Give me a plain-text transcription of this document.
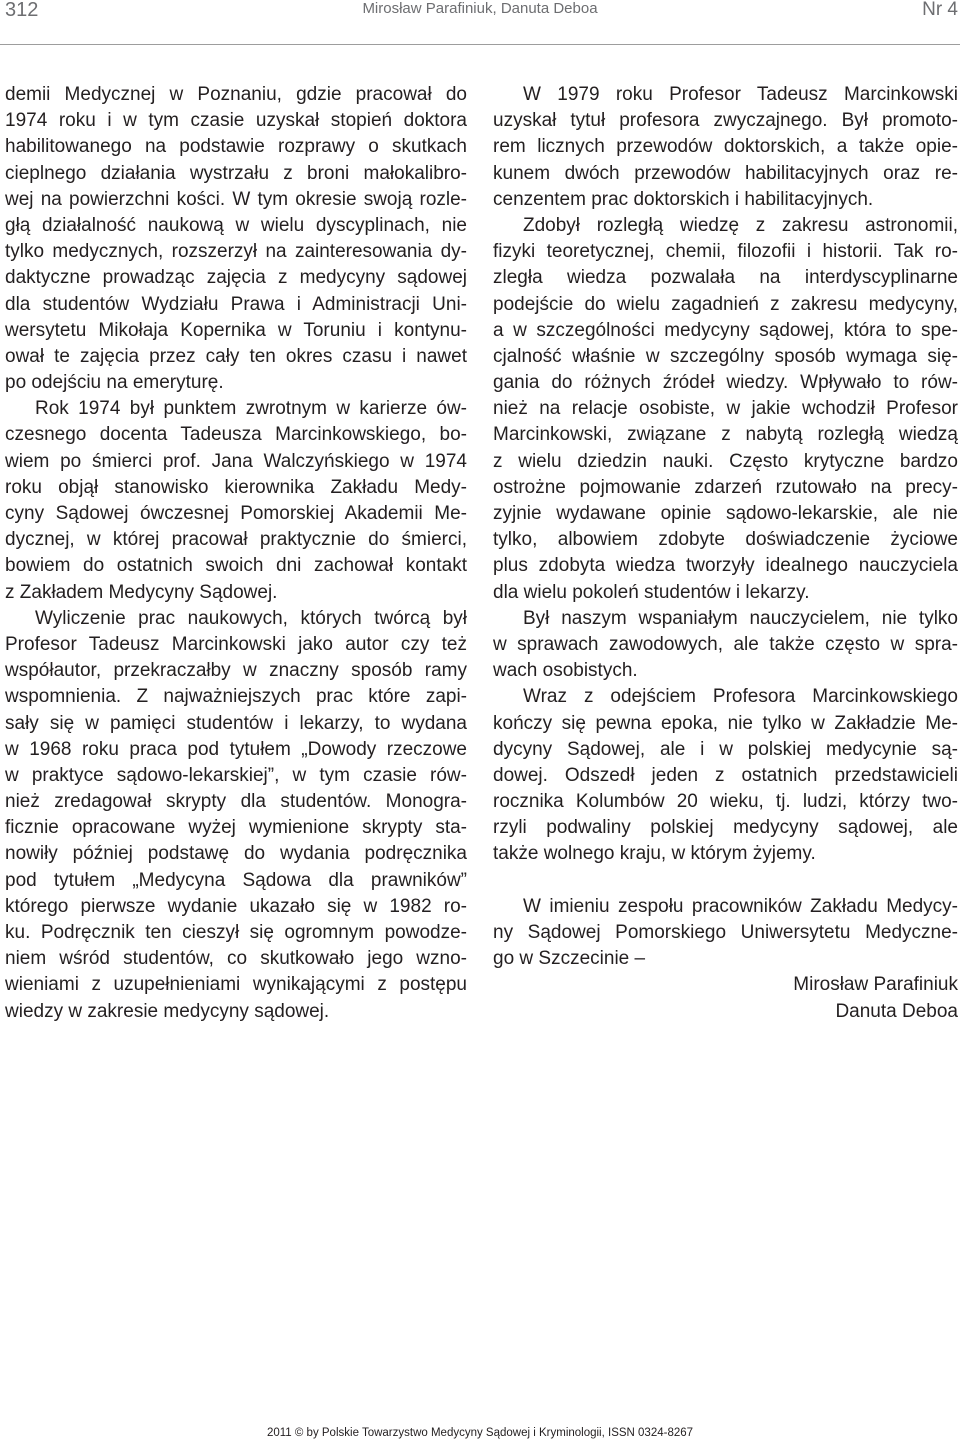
312	Mirosław Parafiniuk, Danuta Deboa	Nr 4
demii Medycznej w Poznaniu, gdzie pracował do
1974 roku i w tym czasie uzyskał stopień doktora
habilitowanego na podstawie rozprawy o skutkach
cieplnego działania wystrzału z broni małokalibro-
wej na powierzchni kości. W tym okresie swoją rozle-
głą działalność naukową w wielu dyscyplinach, nie
tylko medycznych, rozszerzył na zainteresowania dy-
daktyczne prowadząc zajęcia z medycyny sądowej
dla studentów Wydziału Prawa i Administracji Uni-
wersytetu Mikołaja Kopernika w Toruniu i kontynu-
ował te zajęcia przez cały ten okres czasu i nawet
po odejściu na emeryturę.
Rok 1974 był punktem zwrotnym w karierze ów-
czesnego docenta Tadeusza Marcinkowskiego, bo-
wiem po śmierci prof. Jana Walczyńskiego w 1974
roku objął stanowisko kierownika Zakładu Medy-
cyny Sądowej ówczesnej Pomorskiej Akademii Me-
dycznej, w której pracował praktycznie do śmierci,
bowiem do ostatnich swoich dni zachował kontakt
z Zakładem Medycyny Sądowej.
Wyliczenie prac naukowych, których twórcą był
Profesor Tadeusz Marcinkowski jako autor czy też
współautor, przekraczałby w znaczny sposób ramy
wspomnienia. Z najważniejszych prac które zapi-
sały się w pamięci studentów i lekarzy, to wydana
w 1968 roku praca pod tytułem „Dowody rzeczowe
w praktyce sądowo-lekarskiej”, w tym czasie rów-
nież zredagował skrypty dla studentów. Monogra-
ficznie opracowane wyżej wymienione skrypty sta-
nowiły później podstawę do wydania podręcznika
pod tytułem „Medycyna Sądowa dla prawników”
którego pierwsze wydanie ukazało się w 1982 ro-
ku. Podręcznik ten cieszył się ogromnym powodze-
niem wśród studentów, co skutkowało jego wzno-
wieniami z uzupełnieniami wynikającymi z postępu
wiedzy w zakresie medycyny sądowej.
W 1979 roku Profesor Tadeusz Marcinkowski
uzyskał tytuł profesora zwyczajnego. Był promoto-
rem licznych przewodów doktorskich, a także opie-
kunem dwóch przewodów habilitacyjnych oraz re-
cenzentem prac doktorskich i habilitacyjnych.
Zdobył rozległą wiedzę z zakresu astronomii,
fizyki teoretycznej, chemii, filozofii i historii. Tak ro-
zległa wiedza pozwalała na interdyscyplinarne
podejście do wielu zagadnień z zakresu medycyny,
a w szczególności medycyny sądowej, która to spe-
cjalność właśnie w szczególny sposób wymaga się-
gania do różnych źródeł wiedzy. Wpływało to rów-
nież na relacje osobiste, w jakie wchodził Profesor
Marcinkowski, związane z nabytą rozległą wiedzą
z wielu dziedzin nauki. Często krytyczne bardzo
ostrożne pojmowanie zdarzeń rzutowało na precy-
zyjnie wydawane opinie sądowo-lekarskie, ale nie
tylko, albowiem zdobyte doświadczenie życiowe
plus zdobyta wiedza tworzyły idealnego nauczyciela
dla wielu pokoleń studentów i lekarzy.
Był naszym wspaniałym nauczycielem, nie tylko
w sprawach zawodowych, ale także często w spra-
wach osobistych.
Wraz z odejściem Profesora Marcinkowskiego
kończy się pewna epoka, nie tylko w Zakładzie Me-
dycyny Sądowej, ale i w polskiej medycynie są-
dowej. Odszedł jeden z ostatnich przedstawicieli
rocznika Kolumbów 20 wieku, tj. ludzi, którzy two-
rzyli podwaliny polskiej medycyny sądowej, ale
także wolnego kraju, w którym żyjemy.
W imieniu zespołu pracowników Zakładu Medycy-
ny Sądowej Pomorskiego Uniwersytetu Medyczne-
go w Szczecinie –
Mirosław Parafiniuk
Danuta Deboa
2011 © by Polskie Towarzystwo Medycyny Sądowej i Kryminologii, ISSN 0324-8267
